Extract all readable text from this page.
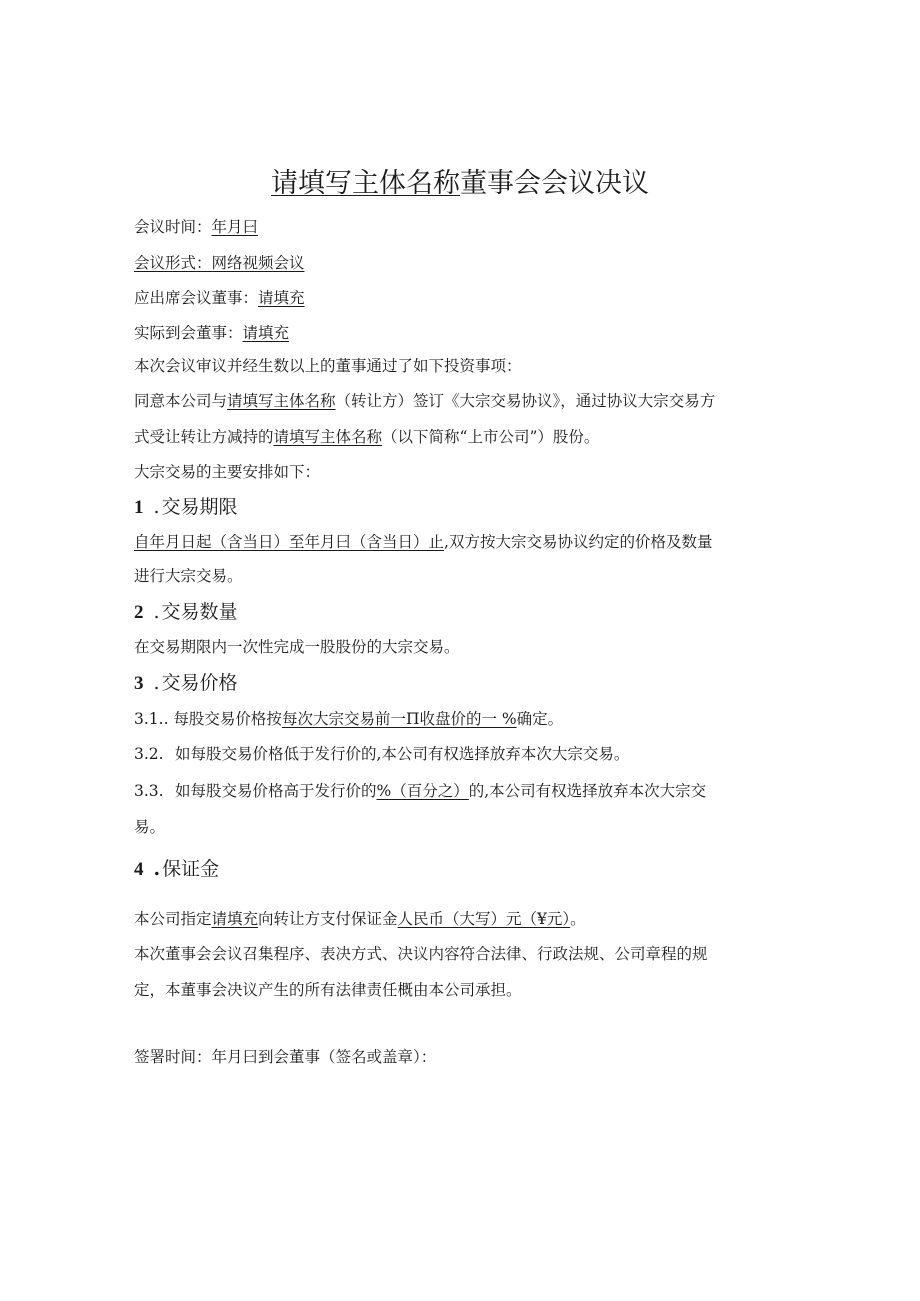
请填写主体名称董事会会议决议
会议时间：年月曰
会议形式：网络视频会议
应出席会议董事：请填充
实际到会董事：请填充
本次会议审议并经生数以上的董事通过了如下投资事项：
同意本公司与请填写主体名称（转让方）签订《大宗交易协议》，通过协议大宗交易方
式受让转让方减持的请填写主体名称（以下简称“上市公司”）股份。
大宗交易的主要安排如下：
1 . 交易期限
自年月日起（含当日）至年月曰（含当日）止,双方按大宗交易协议约定的价格及数量
进行大宗交易。
2 . 交易数量
在交易期限内一次性完成一股股份的大宗交易。
3 . 交易价格
3.1.. 每股交易价格按每次大宗交易前一Π收盘价的一 %确定。
3.2. 如每股交易价格低于发行价的,本公司有权选择放弃本次大宗交易。
3.3. 如每股交易价格高于发行价的%（百分之）的,本公司有权选择放弃本次大宗交
易。
4 . 保证金
本公司指定请填充向转让方支付保证金人民币（大写）元（¥元）。
本次董事会会议召集程序、表决方式、决议内容符合法律、行政法规、公司章程的规
定，本董事会决议产生的所有法律责任概由本公司承担。
签署时间：年月曰到会董事（签名或盖章）：
